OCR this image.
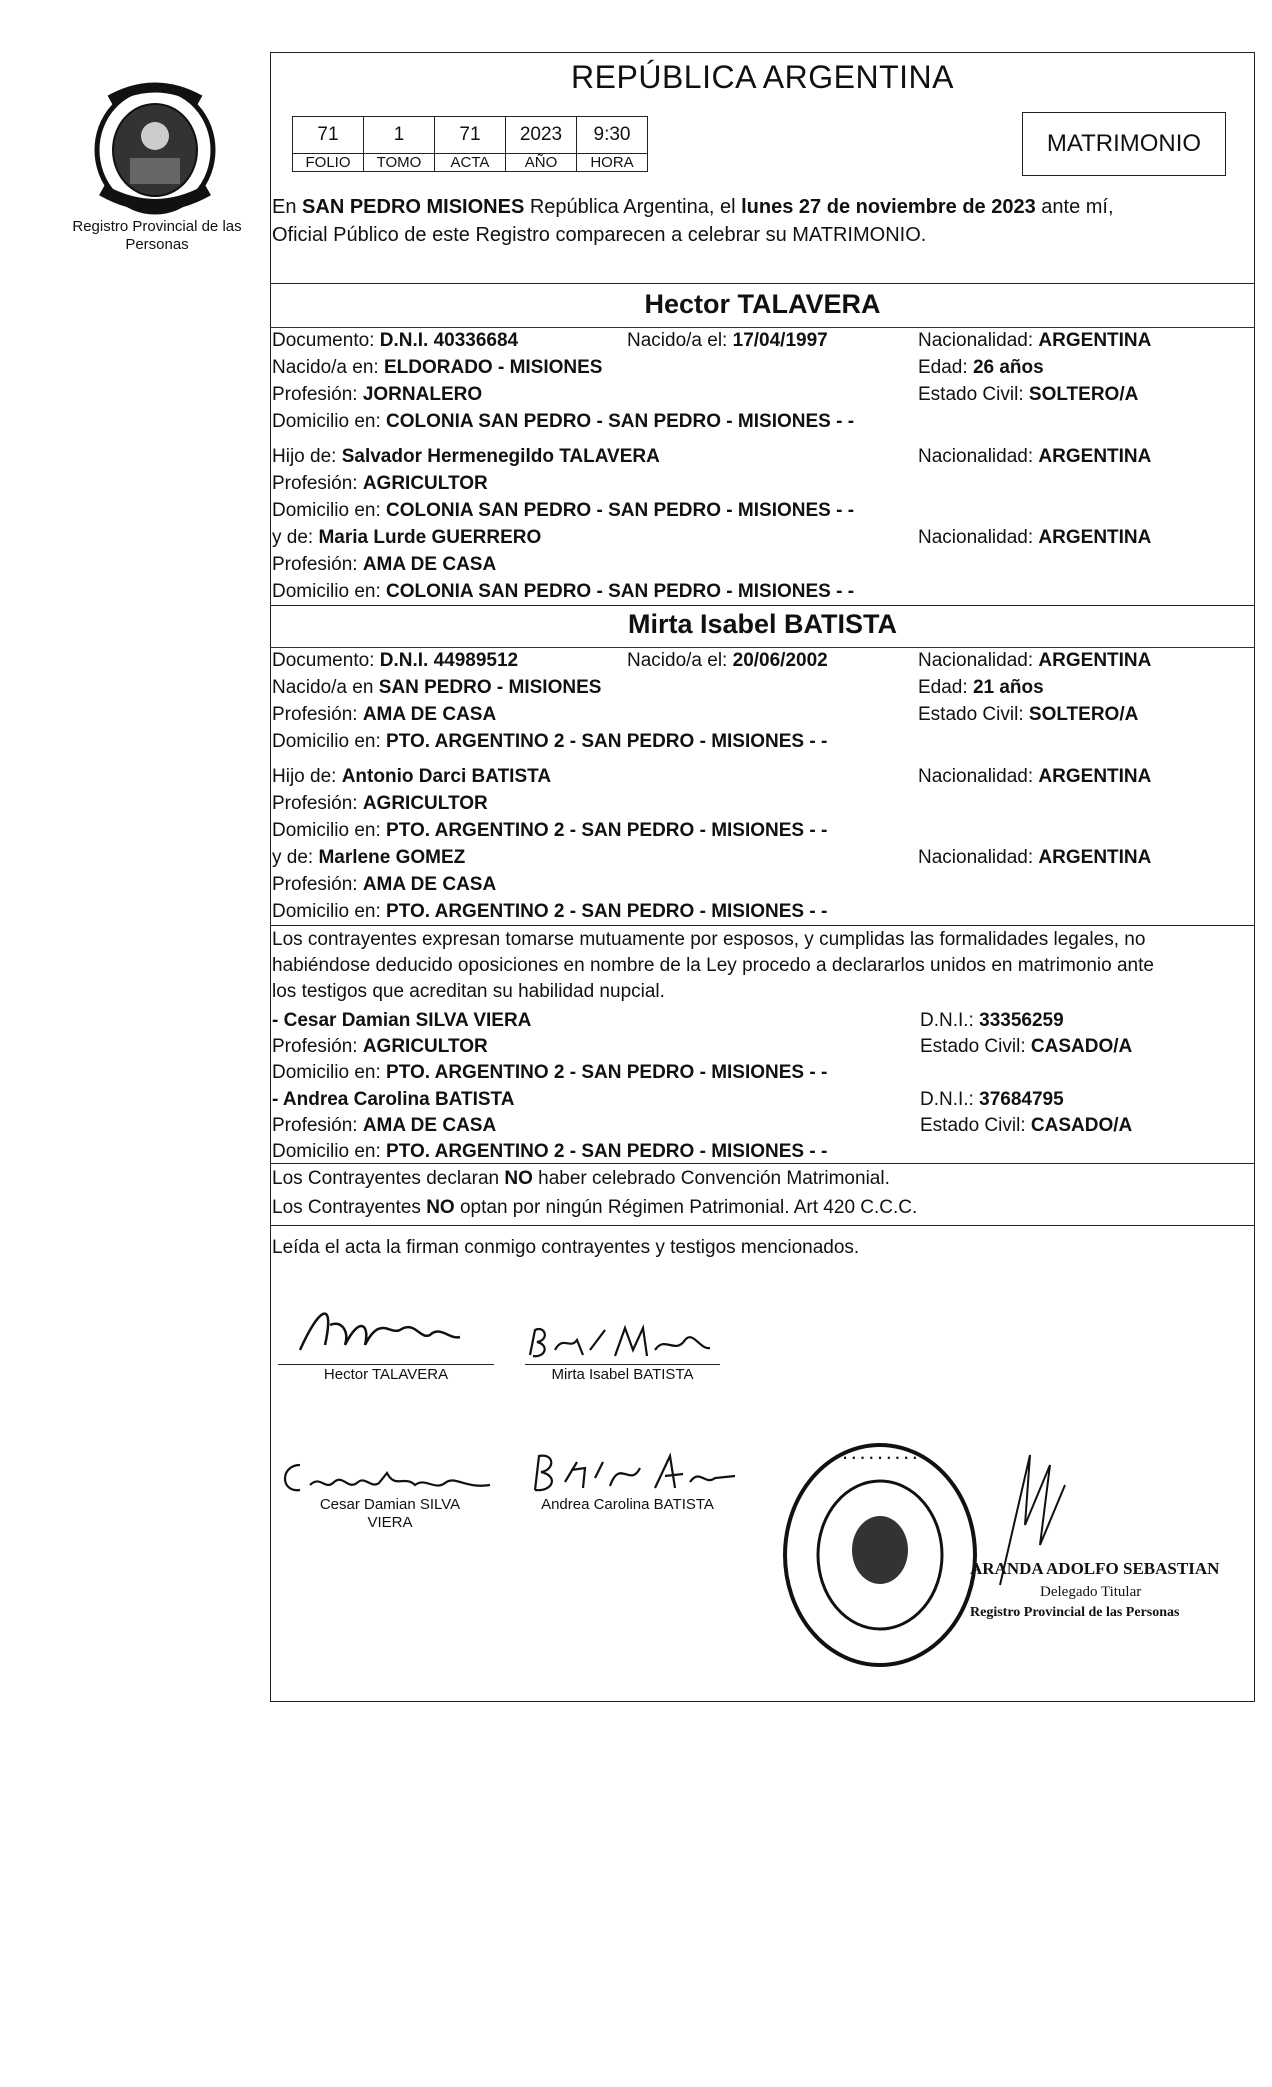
Registro Provincial de las Personas
REPÚBLICA ARGENTINA
71	1	71	2023	9:30
FOLIO	TOMO	ACTA	AÑO	HORA
MATRIMONIO
En SAN PEDRO MISIONES República Argentina, el lunes 27 de noviembre de 2023 ante mí,
Oficial Público de este Registro comparecen a celebrar su MATRIMONIO.
Hector TALAVERA
Documento: D.N.I. 40336684	Nacido/a el: 17/04/1997	Nacionalidad: ARGENTINA
Nacido/a en: ELDORADO - MISIONES	Edad: 26 años
Profesión: JORNALERO	Estado Civil: SOLTERO/A
Domicilio en: COLONIA SAN PEDRO - SAN PEDRO - MISIONES - -
Hijo de: Salvador Hermenegildo TALAVERA	Nacionalidad: ARGENTINA
Profesión: AGRICULTOR
Domicilio en: COLONIA SAN PEDRO - SAN PEDRO - MISIONES - -
y de: Maria Lurde GUERRERO	Nacionalidad: ARGENTINA
Profesión: AMA DE CASA
Domicilio en: COLONIA SAN PEDRO - SAN PEDRO - MISIONES - -
Mirta Isabel BATISTA
Documento: D.N.I. 44989512	Nacido/a el: 20/06/2002	Nacionalidad: ARGENTINA
Nacido/a en SAN PEDRO - MISIONES	Edad: 21 años
Profesión: AMA DE CASA	Estado Civil: SOLTERO/A
Domicilio en: PTO. ARGENTINO 2 - SAN PEDRO - MISIONES - -
Hijo de: Antonio Darci BATISTA	Nacionalidad: ARGENTINA
Profesión: AGRICULTOR
Domicilio en: PTO. ARGENTINO 2 - SAN PEDRO - MISIONES - -
y de: Marlene GOMEZ	Nacionalidad: ARGENTINA
Profesión: AMA DE CASA
Domicilio en: PTO. ARGENTINO 2 - SAN PEDRO - MISIONES - -
Los contrayentes expresan tomarse mutuamente por esposos, y cumplidas las formalidades legales, no
habiéndose deducido oposiciones en nombre de la Ley procedo a declararlos unidos en matrimonio ante
los testigos que acreditan su habilidad nupcial.
- Cesar Damian SILVA VIERA	D.N.I.: 33356259
Profesión: AGRICULTOR	Estado Civil: CASADO/A
Domicilio en: PTO. ARGENTINO 2 - SAN PEDRO - MISIONES - -
- Andrea Carolina BATISTA	D.N.I.: 37684795
Profesión: AMA DE CASA	Estado Civil: CASADO/A
Domicilio en: PTO. ARGENTINO 2 - SAN PEDRO - MISIONES - -
Los Contrayentes declaran NO haber celebrado Convención Matrimonial.
Los Contrayentes NO optan por ningún Régimen Patrimonial. Art 420 C.C.C.
Leída el acta la firman conmigo contrayentes y testigos mencionados.
Hector TALAVERA	Mirta Isabel BATISTA
Cesar Damian SILVA
VIERA
Andrea Carolina BATISTA
· · · · · · · · · · ·
ARANDA ADOLFO SEBASTIAN
Delegado Titular
Registro Provincial de las Personas
